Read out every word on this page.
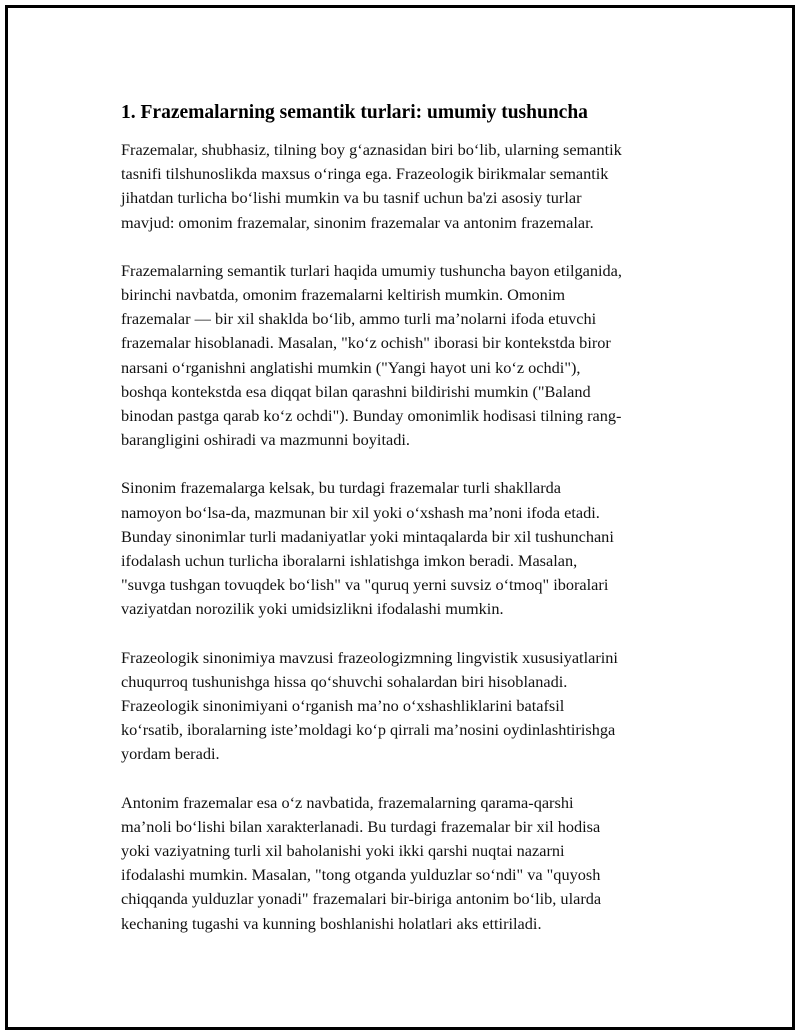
1. Frazemalarning semantik turlari: umumiy tushuncha

Frazemalar, shubhasiz, tilning boy g‘aznasidan biri bo‘lib, ularning semantik
tasnifi tilshunoslikda maxsus o‘ringa ega. Frazeologik birikmalar semantik
jihatdan turlicha bo‘lishi mumkin va bu tasnif uchun ba'zi asosiy turlar
mavjud: omonim frazemalar, sinonim frazemalar va antonim frazemalar.

Frazemalarning semantik turlari haqida umumiy tushuncha bayon etilganida,
birinchi navbatda, omonim frazemalarni keltirish mumkin. Omonim
frazemalar — bir xil shaklda bo‘lib, ammo turli ma’nolarni ifoda etuvchi
frazemalar hisoblanadi. Masalan, "ko‘z ochish" iborasi bir kontekstda biror
narsani o‘rganishni anglatishi mumkin ("Yangi hayot uni ko‘z ochdi"),
boshqa kontekstda esa diqqat bilan qarashni bildirishi mumkin ("Baland
binodan pastga qarab ko‘z ochdi"). Bunday omonimlik hodisasi tilning rang-
barangligini oshiradi va mazmunni boyitadi.

Sinonim frazemalarga kelsak, bu turdagi frazemalar turli shakllarda
namoyon bo‘lsa-da, mazmunan bir xil yoki o‘xshash ma’noni ifoda etadi.
Bunday sinonimlar turli madaniyatlar yoki mintaqalarda bir xil tushunchani
ifodalash uchun turlicha iboralarni ishlatishga imkon beradi. Masalan,
"suvga tushgan tovuqdek bo‘lish" va "quruq yerni suvsiz o‘tmoq" iboralari
vaziyatdan norozilik yoki umidsizlikni ifodalashi mumkin.

Frazeologik sinonimiya mavzusi frazeologizmning lingvistik xususiyatlarini
chuqurroq tushunishga hissa qo‘shuvchi sohalardan biri hisoblanadi.
Frazeologik sinonimiyani o‘rganish ma’no o‘xshashliklarini batafsil
ko‘rsatib, iboralarning iste’moldagi ko‘p qirrali ma’nosini oydinlashtirishga
yordam beradi.

Antonim frazemalar esa o‘z navbatida, frazemalarning qarama-qarshi
ma’noli bo‘lishi bilan xarakterlanadi. Bu turdagi frazemalar bir xil hodisa
yoki vaziyatning turli xil baholanishi yoki ikki qarshi nuqtai nazarni
ifodalashi mumkin. Masalan, "tong otganda yulduzlar so‘ndi" va "quyosh
chiqqanda yulduzlar yonadi" frazemalari bir-biriga antonim bo‘lib, ularda
kechaning tugashi va kunning boshlanishi holatlari aks ettiriladi.
